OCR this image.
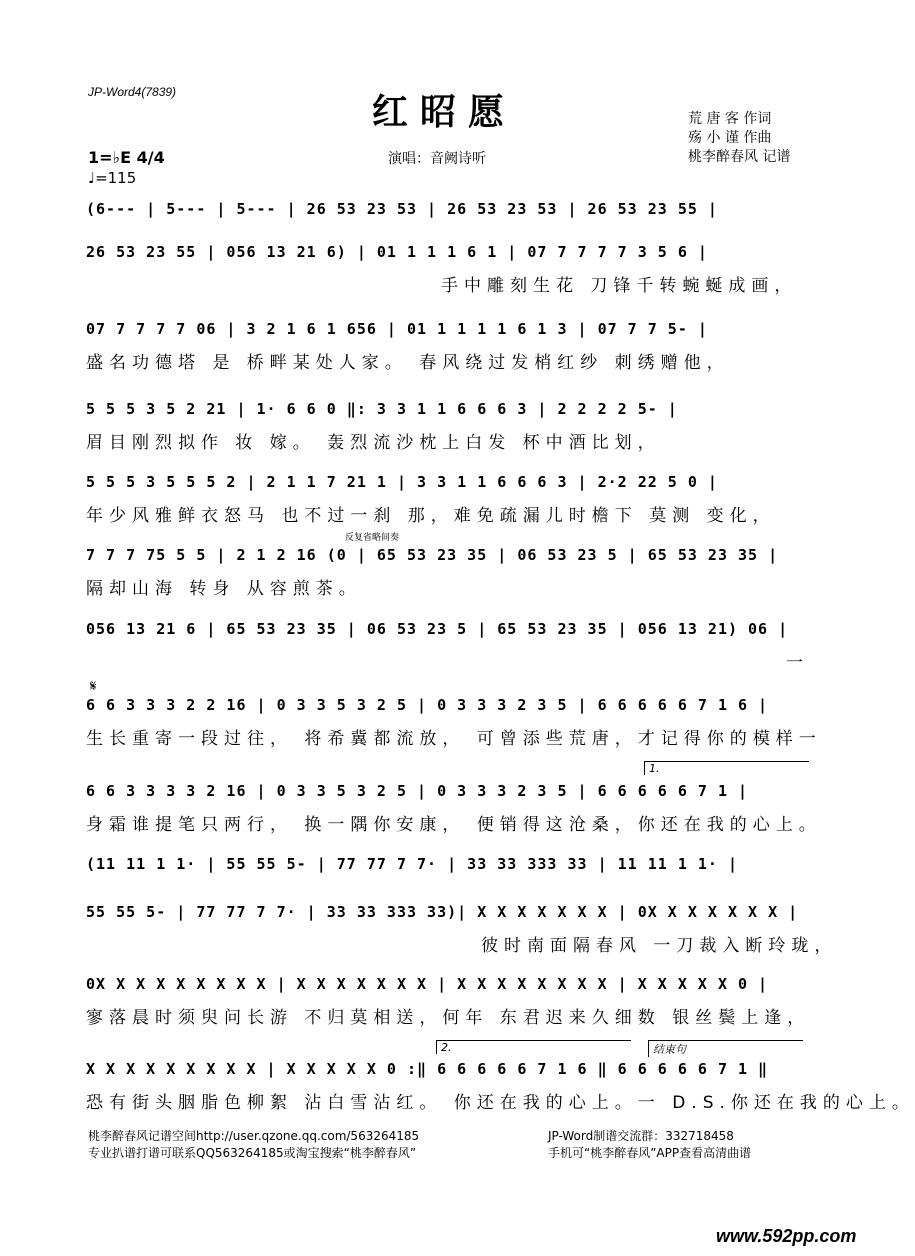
JP-Word4(7839)	红昭愿	荒 唐 客 作词
殇 小 谨 作曲
桃李醉春风 记谱
演唱：音阙诗听
1=♭E 4/4
♩=115
反复省略间奏
𝄋
1.
2.	结束句
(6--- | 5--- | 5--- | 26 53 23 53 | 26 53 23 53 | 26 53 23 55 |
26 53 23 55 | 056 13 21 6) | 01 1 1 1 6 1 | 07 7 7 7 7 3 5 6 |
手中雕刻生花 刀锋千转蜿蜒成画，
07 7 7 7 7 06 | 3 2 1 6 1 656 | 01 1 1 1 1 6 1 3 | 07 7 7 5- |
盛名功德塔 是 桥畔某处人家。 春风绕过发梢红纱 刺绣赠他，
5 5 5 3 5 2 21 | 1· 6 6 0 ‖: 3 3 1 1 6 6 6 3 | 2 2 2 2 5- |
眉目刚烈拟作 妆 嫁。 轰烈流沙枕上白发 杯中酒比划，
5 5 5 3 5 5 5 2 | 2 1 1 7 21 1 | 3 3 1 1 6 6 6 3 | 2·2 22 5 0 |
年少风雅鲜衣怒马 也不过一刹 那，难免疏漏儿时檐下 莫测 变化，
7 7 7 75 5 5 | 2 1 2 16 (0 | 65 53 23 35 | 06 53 23 5 | 65 53 23 35 |
隔却山海 转身 从容煎茶。
056 13 21 6 | 65 53 23 35 | 06 53 23 5 | 65 53 23 35 | 056 13 21) 06 |
一
6 6 3 3 3 2 2 16 | 0 3 3 5 3 2 5 | 0 3 3 3 2 3 5 | 6 6 6 6 6 7 1 6 |
生长重寄一段过往， 将希冀都流放， 可曾添些荒唐，才记得你的模样一
6 6 3 3 3 3 2 16 | 0 3 3 5 3 2 5 | 0 3 3 3 2 3 5 | 6 6 6 6 6 7 1 |
身霜谁提笔只两行， 换一隅你安康， 便销得这沧桑，你还在我的心上。
(11 11 1 1· | 55 55 5- | 77 77 7 7· | 33 33 333 33 | 11 11 1 1· |
55 55 5- | 77 77 7 7· | 33 33 333 33)| X X X X X X X | 0X X X X X X X |
彼时南面隔春风 一刀裁入断玲珑，
0X X X X X X X X X | X X X X X X X | X X X X X X X X | X X X X X 0 |
寥落晨时须臾问长游 不归莫相送，何年 东君迟来久细数 银丝鬓上逢，
X X X X X X X X X | X X X X X 0 :‖ 6 6 6 6 6 7 1 6 ‖ 6 6 6 6 6 7 1 ‖
恐有街头胭脂色柳絮 沾白雪沾红。 你还在我的心上。一 D.S.你还在我的心上。
桃李醉春风记谱空间http://user.qzone.qq.com/563264185
专业扒谱打谱可联系QQ563264185或淘宝搜索“桃李醉春风”
JP-Word制谱交流群：332718458
手机可“桃李醉春风”APP查看高清曲谱
www.592pp.com
